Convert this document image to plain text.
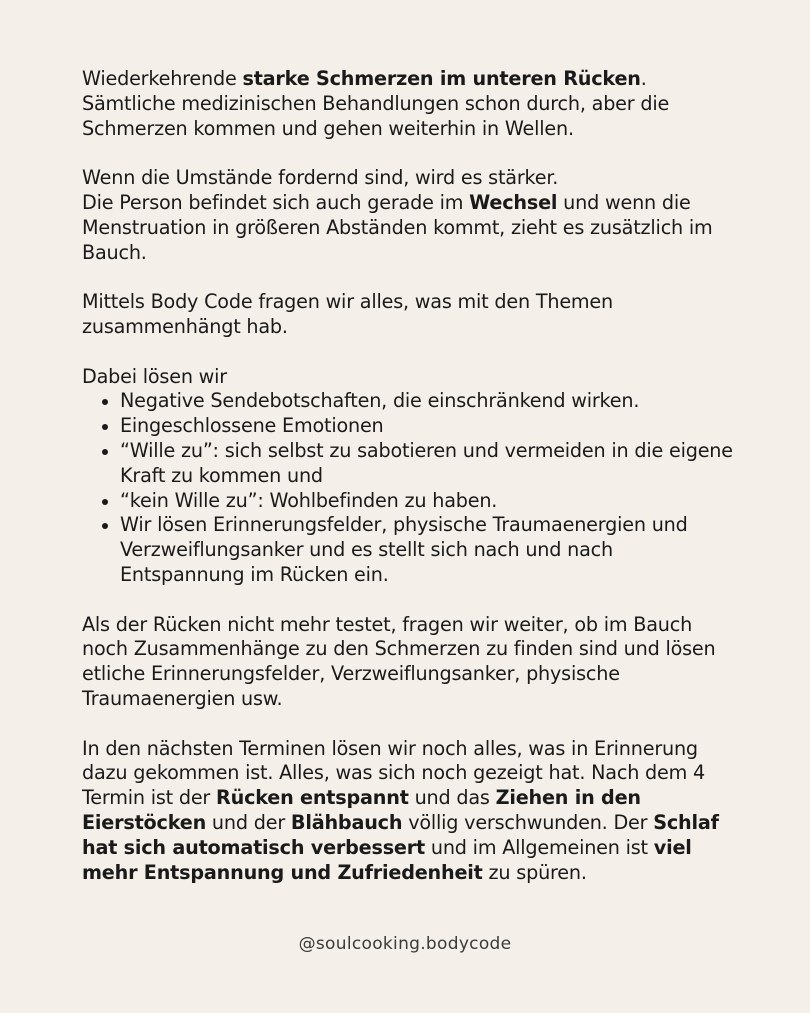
Wiederkehrende starke Schmerzen im unteren Rücken.
Sämtliche medizinischen Behandlungen schon durch, aber die Schmerzen kommen und gehen weiterhin in Wellen.

Wenn die Umstände fordernd sind, wird es stärker.
Die Person befindet sich auch gerade im Wechsel und wenn die Menstruation in größeren Abständen kommt, zieht es zusätzlich im Bauch.

Mittels Body Code fragen wir alles, was mit den Themen zusammenhängt hab.

Dabei lösen wir
Negative Sendebotschaften, die einschränkend wirken.
Eingeschlossene Emotionen
“Wille zu”: sich selbst zu sabotieren und vermeiden in die eigene Kraft zu kommen und
“kein Wille zu”: Wohlbefinden zu haben.
Wir lösen Erinnerungsfelder, physische Traumaenergien und Verzweiflungsanker und es stellt sich nach und nach Entspannung im Rücken ein.

Als der Rücken nicht mehr testet, fragen wir weiter, ob im Bauch noch Zusammenhänge zu den Schmerzen zu finden sind und lösen etliche Erinnerungsfelder, Verzweiflungsanker, physische Traumaenergien usw.

In den nächsten Terminen lösen wir noch alles, was in Erinnerung dazu gekommen ist. Alles, was sich noch gezeigt hat. Nach dem 4 Termin ist der Rücken entspannt und das Ziehen in den Eierstöcken und der Blähbauch völlig verschwunden. Der Schlaf hat sich automatisch verbessert und im Allgemeinen ist viel mehr Entspannung und Zufriedenheit zu spüren.

@soulcooking.bodycode
